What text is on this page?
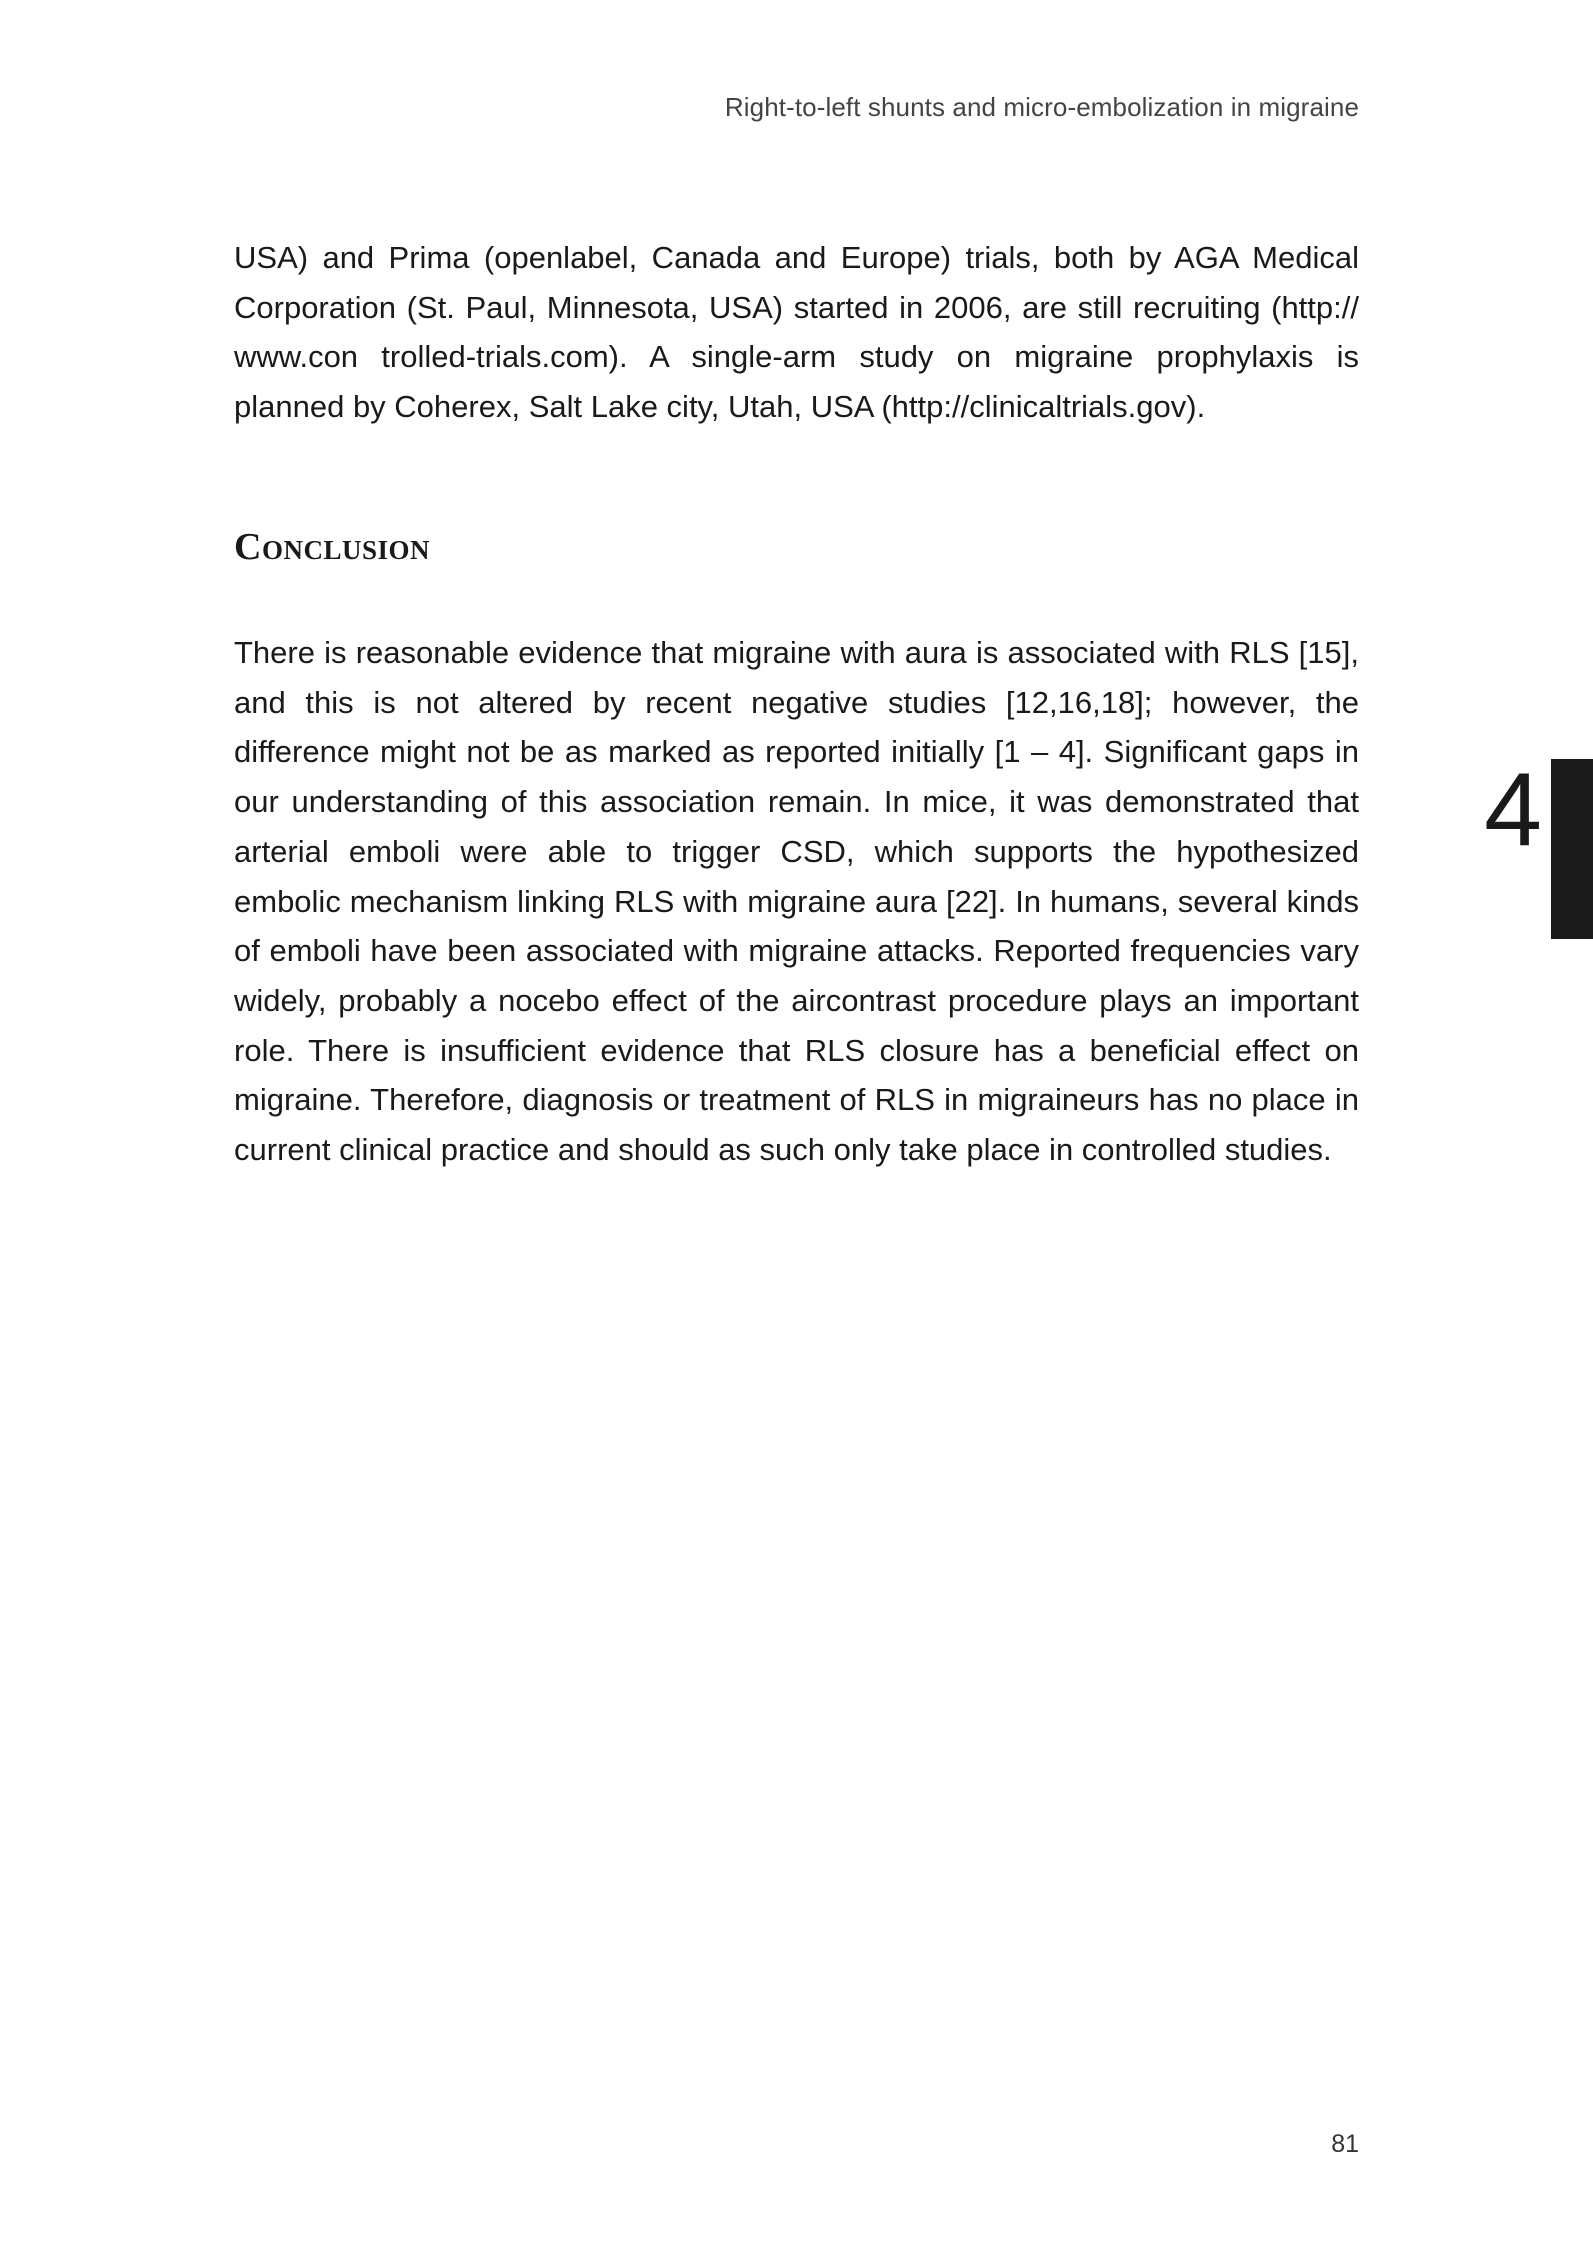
Right-to-left shunts and micro-embolization in migraine

USA) and Prima (openlabel, Canada and Europe) trials, both by AGA Medical Corporation (St. Paul, Minnesota, USA) started in 2006, are still recruiting (http:// www.con trolled-trials.com). A single-arm study on migraine prophylaxis is planned by Coherex, Salt Lake city, Utah, USA (http://clinicaltrials.gov).

Conclusion

There is reasonable evidence that migraine with aura is associated with RLS [15], and this is not altered by recent negative studies [12,16,18]; however, the difference might not be as marked as reported initially [1 – 4]. Significant gaps in our understanding of this association remain. In mice, it was demonstrated that arterial emboli were able to trigger CSD, which supports the hypothesized embolic mechanism linking RLS with migraine aura [22]. In humans, several kinds of emboli have been associated with migraine attacks. Reported frequencies vary widely, probably a nocebo effect of the aircontrast procedure plays an important role. There is insufficient evidence that RLS closure has a beneficial effect on migraine. Therefore, diagnosis or treatment of RLS in migraineurs has no place in current clinical practice and should as such only take place in controlled studies.

4
81
